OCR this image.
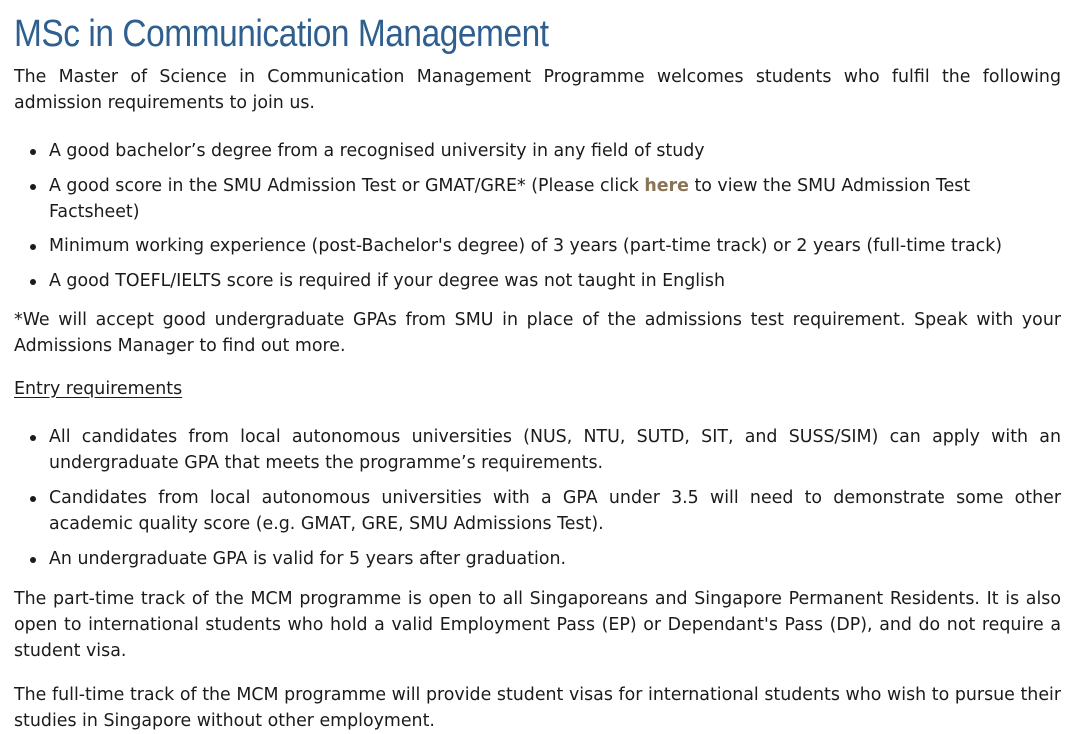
MSc in Communication Management

The Master of Science in Communication Management Programme welcomes students who fulfil the following admission requirements to join us.

A good bachelor’s degree from a recognised university in any field of study
A good score in the SMU Admission Test or GMAT/GRE* (Please click here to view the SMU Admission Test Factsheet)
Minimum working experience (post-Bachelor's degree) of 3 years (part-time track) or 2 years (full-time track)
A good TOEFL/IELTS score is required if your degree was not taught in English

*We will accept good undergraduate GPAs from SMU in place of the admissions test requirement. Speak with your Admissions Manager to find out more.

Entry requirements

All candidates from local autonomous universities (NUS, NTU, SUTD, SIT, and SUSS/SIM) can apply with an undergraduate GPA that meets the programme’s requirements.
Candidates from local autonomous universities with a GPA under 3.5 will need to demonstrate some other academic quality score (e.g. GMAT, GRE, SMU Admissions Test).
An undergraduate GPA is valid for 5 years after graduation.

The part-time track of the MCM programme is open to all Singaporeans and Singapore Permanent Residents. It is also open to international students who hold a valid Employment Pass (EP) or Dependant's Pass (DP), and do not require a student visa.

The full-time track of the MCM programme will provide student visas for international students who wish to pursue their studies in Singapore without other employment.
